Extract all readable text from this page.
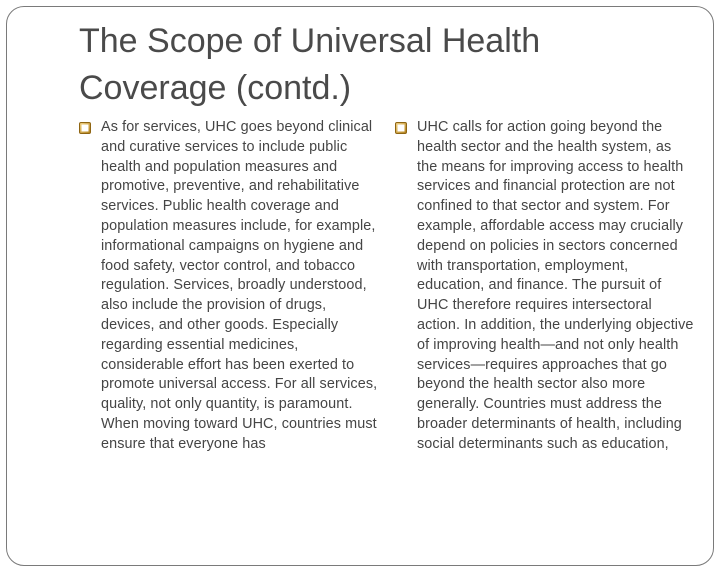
The Scope of Universal Health Coverage (contd.)

As for services, UHC goes beyond clinical and curative services to include public health and population measures and promotive, preventive, and rehabilitative services. Public health coverage and population measures include, for example, informational campaigns on hygiene and food safety, vector control, and tobacco regulation. Services, broadly understood, also include the provision of drugs, devices, and other goods. Especially regarding essential medicines, considerable effort has been exerted to promote universal access. For all services, quality, not only quantity, is paramount. When moving toward UHC, countries must ensure that everyone has

UHC calls for action going beyond the health sector and the health system, as the means for improving access to health services and financial protection are not confined to that sector and system. For example, affordable access may crucially depend on policies in sectors concerned with transportation, employment, education, and finance. The pursuit of UHC therefore requires intersectoral action. In addition, the underlying objective of improving health—and not only health services—requires approaches that go beyond the health sector also more generally. Countries must address the broader determinants of health, including social determinants such as education,
